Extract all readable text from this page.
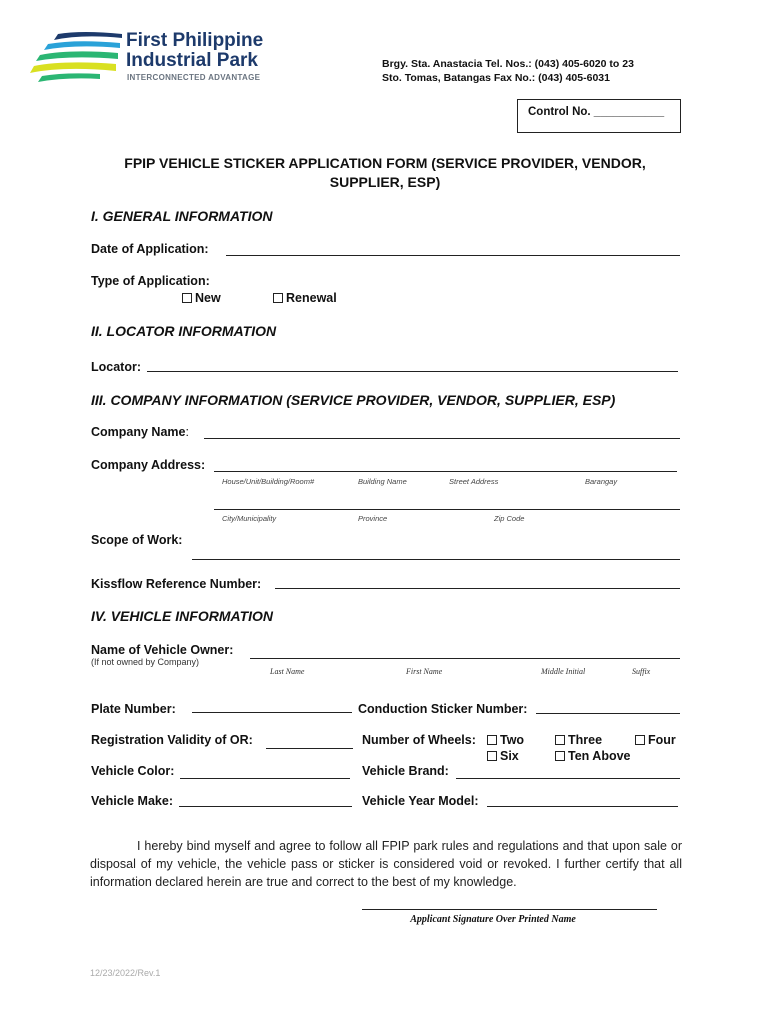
First Philippine
Industrial Park
INTERCONNECTED ADVANTAGE
Brgy. Sta. Anastacia Tel. Nos.: (043) 405-6020 to 23
Sto. Tomas, Batangas Fax No.: (043) 405-6031
Control No. ___________
FPIP VEHICLE STICKER APPLICATION FORM (SERVICE PROVIDER, VENDOR,
SUPPLIER, ESP)
I. GENERAL INFORMATION
Date of Application:
Type of Application:
New	Renewal
II. LOCATOR INFORMATION
Locator:
III. COMPANY INFORMATION (SERVICE PROVIDER, VENDOR, SUPPLIER, ESP)
Company Name:
Company Address:
House/Unit/Building/Room#	Building Name	Street Address	Barangay
City/Municipality	Province	Zip Code
Scope of Work:
Kissflow Reference Number:
IV. VEHICLE INFORMATION
Name of Vehicle Owner:
(If not owned by Company)
Last Name	First Name	Middle Initial	Suffix
Plate Number:	Conduction Sticker Number:
Registration Validity of OR:	Number of Wheels:	Two	Three	Four
Six	Ten Above
Vehicle Color:	Vehicle Brand:
Vehicle Make:	Vehicle Year Model:
I hereby bind myself and agree to follow all FPIP park rules and regulations and that upon sale or disposal of my vehicle, the vehicle pass or sticker is considered void or revoked. I further certify that all information declared herein are true and correct to the best of my knowledge.
Applicant Signature Over Printed Name
12/23/2022/Rev.1
